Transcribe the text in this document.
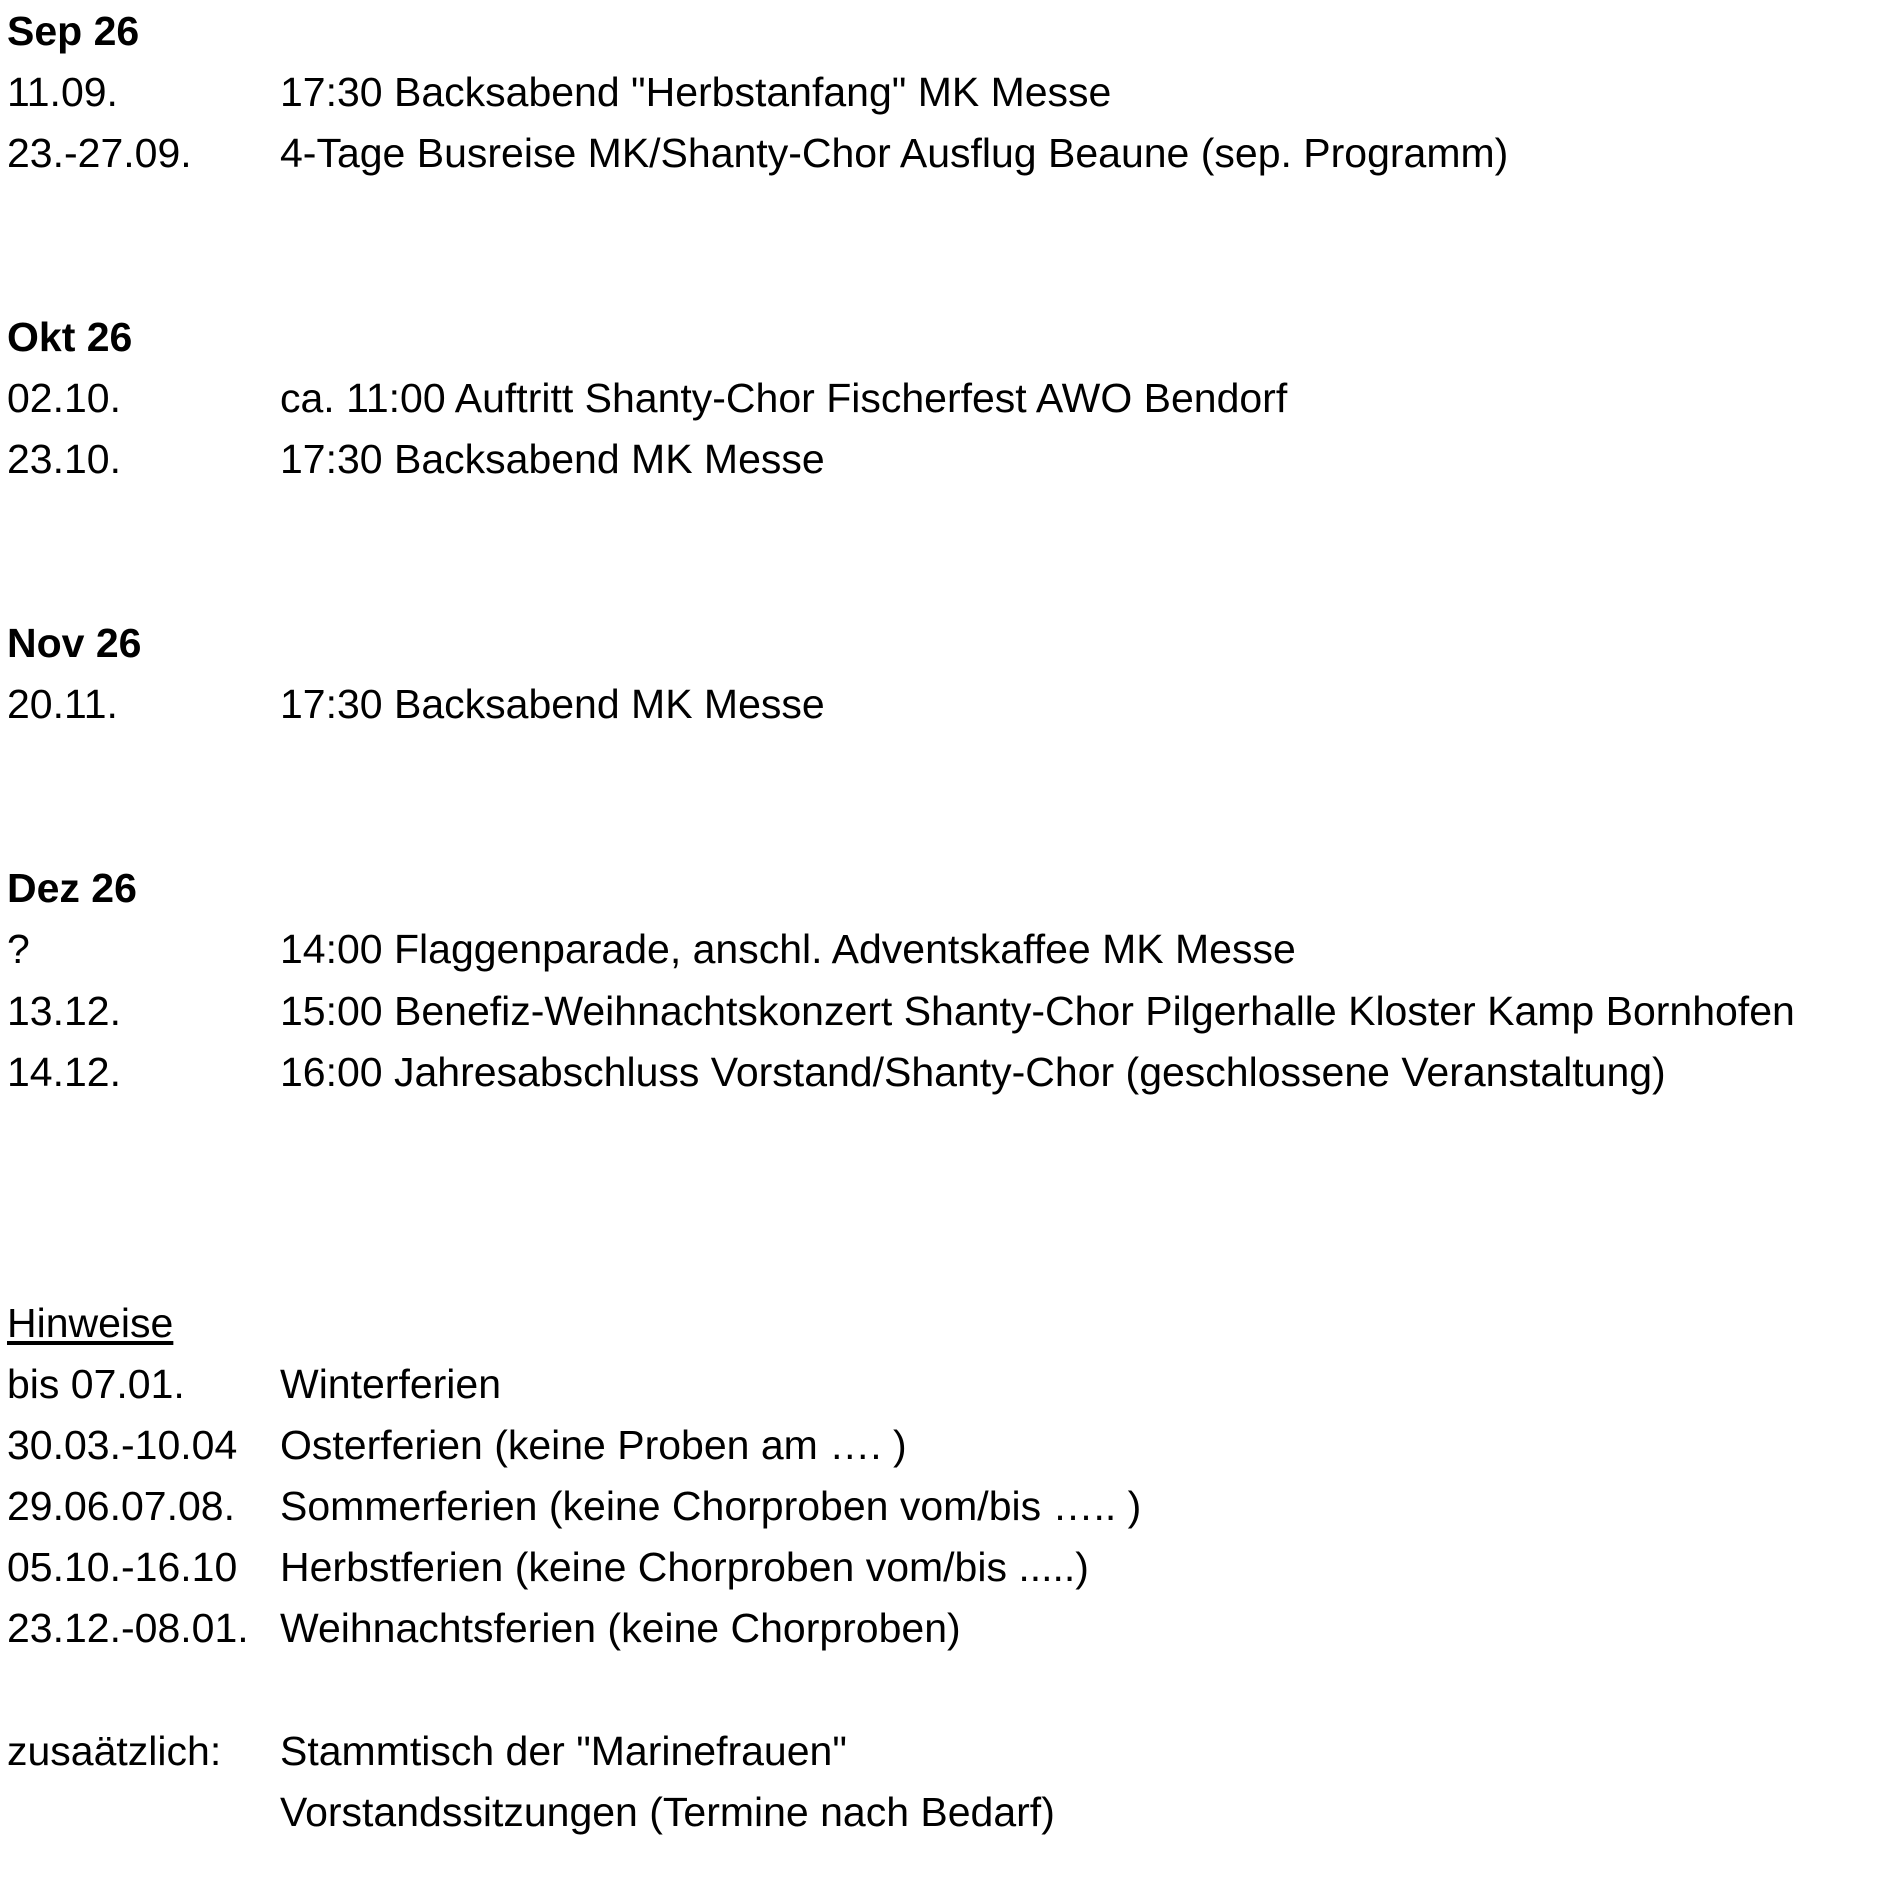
Sep 26
11.09.	17:30 Backsabend "Herbstanfang" MK Messe
23.-27.09. 4-Tage Busreise MK/Shanty-Chor Ausflug Beaune (sep. Programm)
Okt 26
02.10.	ca. 11:00 Auftritt Shanty-Chor Fischerfest AWO Bendorf
23.10.	17:30 Backsabend MK Messe
Nov 26
20.11.	17:30 Backsabend MK Messe
Dez 26
?	14:00 Flaggenparade, anschl. Adventskaffee MK Messe
13.12.	15:00 Benefiz-Weihnachtskonzert Shanty-Chor Pilgerhalle Kloster Kamp Bornhofen
14.12.	16:00 Jahresabschluss Vorstand/Shanty-Chor (geschlossene Veranstaltung)
Hinweise
bis 07.01. Winterferien
30.03.-10.04 Osterferien (keine Proben am …. )
29.06.07.08. Sommerferien (keine Chorproben vom/bis ….. )
05.10.-16.10 Herbstferien (keine Chorproben vom/bis .....)
23.12.-08.01. Weihnachtsferien (keine Chorproben)
zusaätzlich: Stammtisch der "Marinefrauen"
Vorstandssitzungen (Termine nach Bedarf)
